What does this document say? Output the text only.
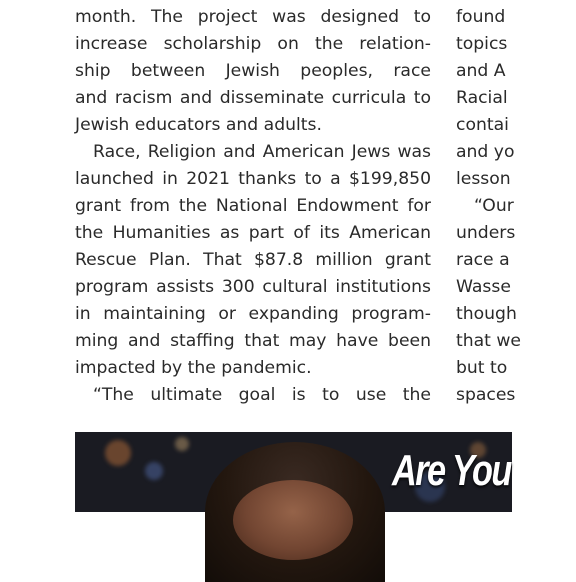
month. The project was designed to
increase scholarship on the relation-
ship between Jewish peoples, race
and racism and disseminate curricula to
Jewish educators and adults.
Race, Religion and American Jews was
launched in 2021 thanks to a $199,850
grant from the National Endowment for
the Humanities as part of its American
Rescue Plan. That $87.8 million grant
program assists 300 cultural institutions
in maintaining or expanding program-
ming and staffing that may have been
impacted by the pandemic.
“The ultimate goal is to use the
found
topics
and A
Racial
contai
and yo
lesson
“Our
unders
race a
Wasse
though
that we
but to
spaces
Are You
